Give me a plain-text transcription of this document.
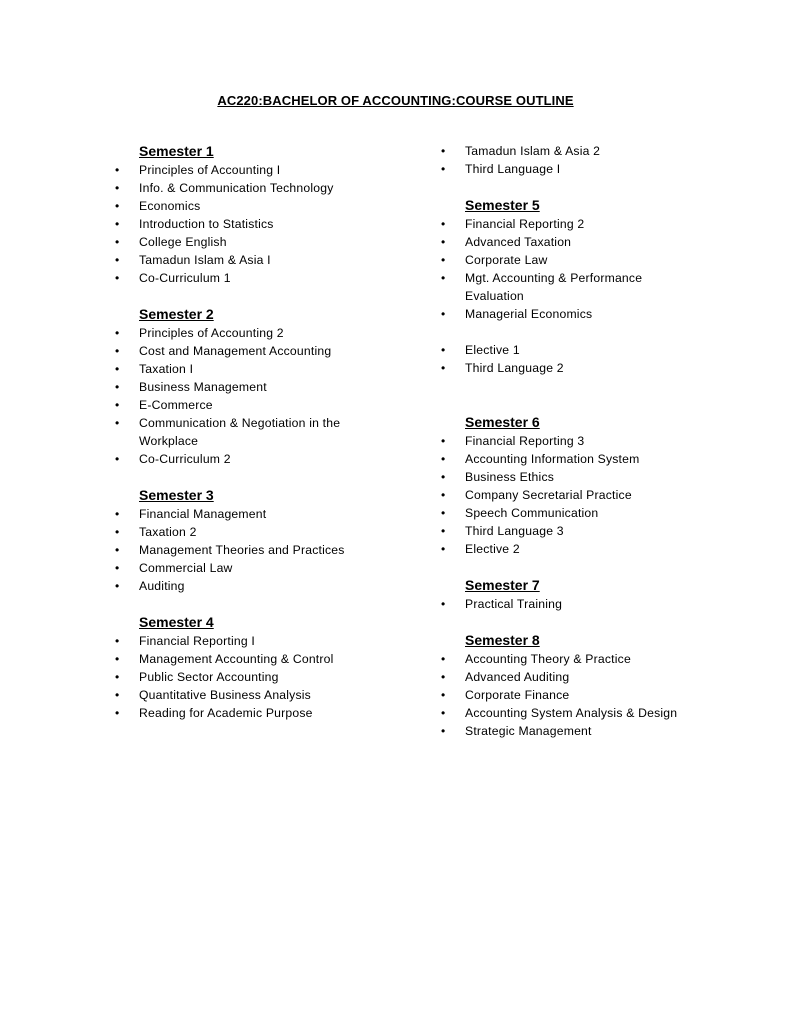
AC220:BACHELOR OF ACCOUNTING:COURSE OUTLINE
Semester 1
• Principles of Accounting I
• Info. & Communication Technology
• Economics
• Introduction to Statistics
• College English
• Tamadun Islam & Asia I
• Co-Curriculum 1
Semester 2
• Principles of Accounting 2
• Cost and Management Accounting
• Taxation I
• Business Management
• E-Commerce
• Communication & Negotiation in the
Workplace
• Co-Curriculum 2
Semester 3
• Financial Management
• Taxation 2
• Management Theories and Practices
• Commercial Law
• Auditing
Semester 4
• Financial Reporting I
• Management Accounting & Control
• Public Sector Accounting
• Quantitative Business Analysis
• Reading for Academic Purpose
• Tamadun Islam & Asia 2
• Third Language I
Semester 5
• Financial Reporting 2
• Advanced Taxation
• Corporate Law
• Mgt. Accounting & Performance
Evaluation
• Managerial Economics
• Elective 1
• Third Language 2
Semester 6
• Financial Reporting 3
• Accounting Information System
• Business Ethics
• Company Secretarial Practice
• Speech Communication
• Third Language 3
• Elective 2
Semester 7
• Practical Training
Semester 8
• Accounting Theory & Practice
• Advanced Auditing
• Corporate Finance
• Accounting System Analysis & Design
• Strategic Management
